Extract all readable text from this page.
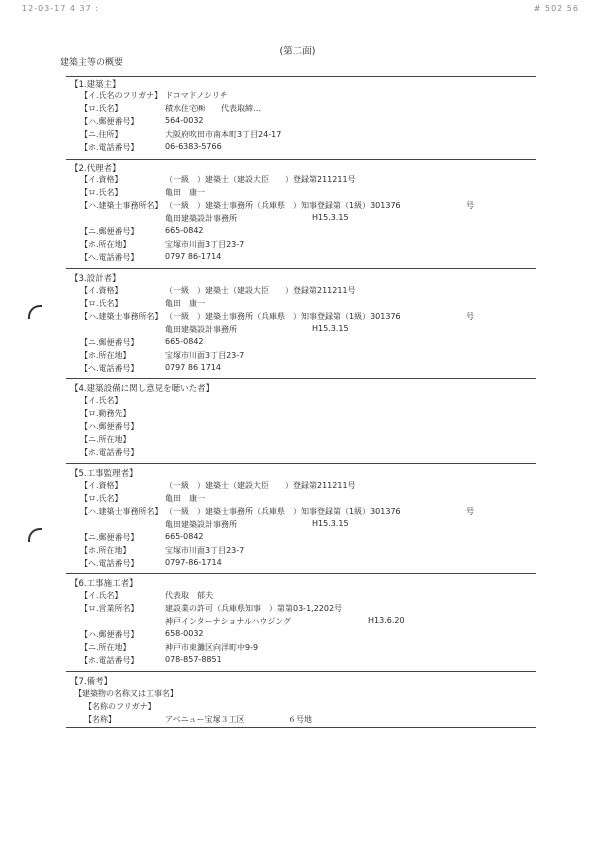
12-03-17 4 37 :	# 502 56
(第二面)
建築主等の概要
【1.建築主】
【イ.氏名のフリガナ】 ドコマドノシリチ
【ロ.氏名】	積水住宅㈱　　代表取締…
【ハ.郵便番号】	564-0032
【ニ.住所】	大阪府吹田市南本町3丁目24-17
【ホ.電話番号】	06-6383-5766
【2.代理者】
【イ.資格】	（一級　）建築士（建設大臣　　）登録第211211号
【ロ.氏名】	亀田　康一
【ハ.建築士事務所名】 （一級　）建築士事務所（兵庫県　）知事登録第（1級）301376	号
亀田建築設計事務所	H15.3.15
【ニ.郵便番号】	665-0842
【ホ.所在地】	宝塚市川面3丁目23-7
【ヘ.電話番号】	0797 86-1714
【3.設計者】
【イ.資格】	（一級　）建築士（建設大臣　　）登録第211211号
【ロ.氏名】	亀田　康一
【ハ.建築士事務所名】 （一級　）建築士事務所（兵庫県　）知事登録第（1級）301376	号
亀田建築設計事務所	H15.3.15
【ニ.郵便番号】	665-0842
【ホ.所在地】	宝塚市川面3丁目23-7
【ヘ.電話番号】	0797 86 1714
【4.建築設備に関し意見を聴いた者】
【イ.氏名】
【ロ.勤務先】
【ハ.郵便番号】
【ニ.所在地】
【ホ.電話番号】
【5.工事監理者】
【イ.資格】	（一級　）建築士（建設大臣　　）登録第211211号
【ロ.氏名】	亀田　康一
【ハ.建築士事務所名】 （一級　）建築士事務所（兵庫県　）知事登録第（1級）301376	号
亀田建築設計事務所	H15.3.15
【ニ.郵便番号】	665-0842
【ホ.所在地】	宝塚市川面3丁目23-7
【ヘ.電話番号】	0797-86-1714
【6.工事施工者】
【イ.氏名】	代表取　郁夫
【ロ.営業所名】	建設業の許可（兵庫県知事　）第第03-1,2202号
神戸インターナショナルハウジング	H13.6.20
【ハ.郵便番号】	658-0032
【ニ.所在地】	神戸市東灘区向洋町中9-9
【ホ.電話番号】	078-857-8851
【7.備考】
【建築物の名称又は工事名】
【名称のフリガナ】
【名称】	アベニュー宝塚３工区	６号地
